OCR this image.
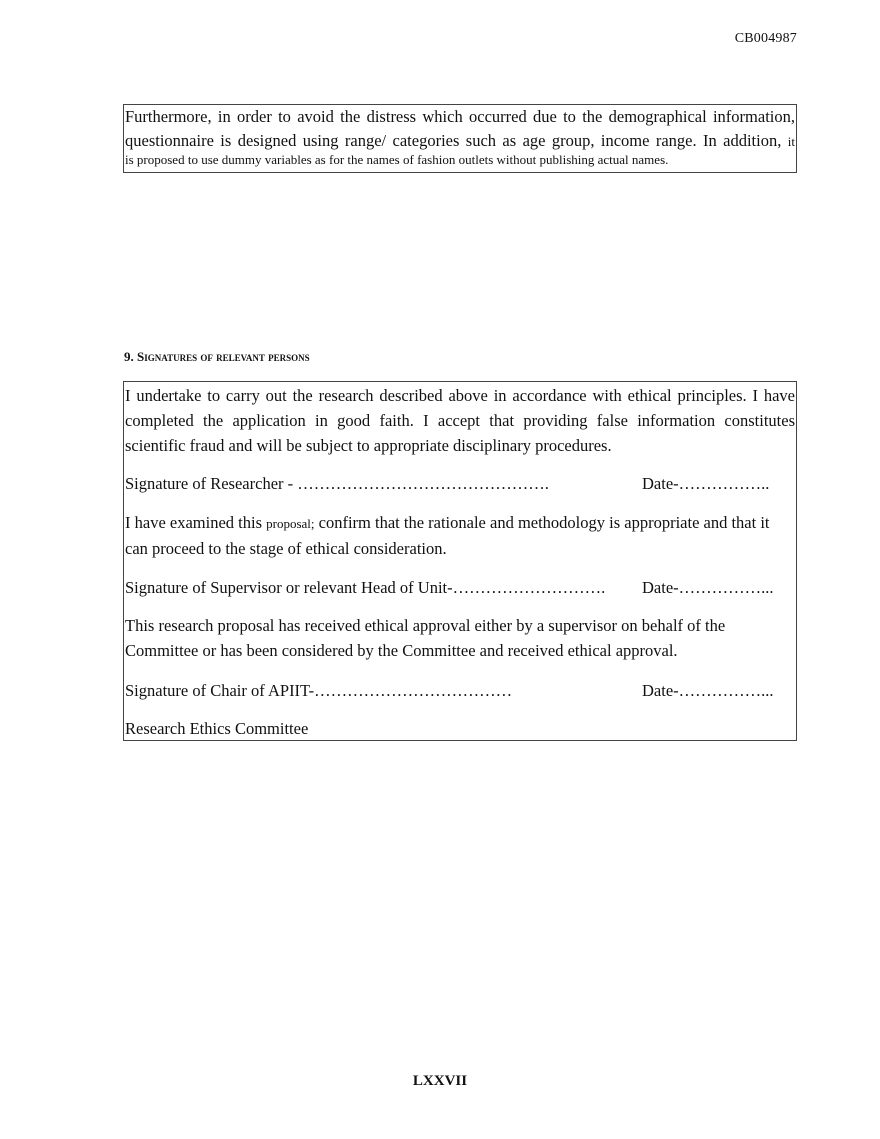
CB004987

Furthermore, in order to avoid the distress which occurred due to the demographical information,
questionnaire is designed using range/ categories such as age group, income range. In addition, it
is proposed to use dummy variables as for the names of fashion outlets without publishing actual names.

9. Signatures of relevant persons

I undertake to carry out the research described above in accordance with ethical principles. I have completed the application in good faith. I accept that providing false information constitutes scientific fraud and will be subject to appropriate disciplinary procedures.

Signature of Researcher - ……………………………………….	Date-……………..

I have examined this proposal; confirm that the rationale and methodology is appropriate and that it can proceed to the stage of ethical consideration.

Signature of Supervisor or relevant Head of Unit-………………………. Date-……………...

This research proposal has received ethical approval either by a supervisor on behalf of the Committee or has been considered by the Committee and received ethical approval.

Signature of Chair of APIIT-………………………………	Date-……………...

Research Ethics Committee

LXXVII
